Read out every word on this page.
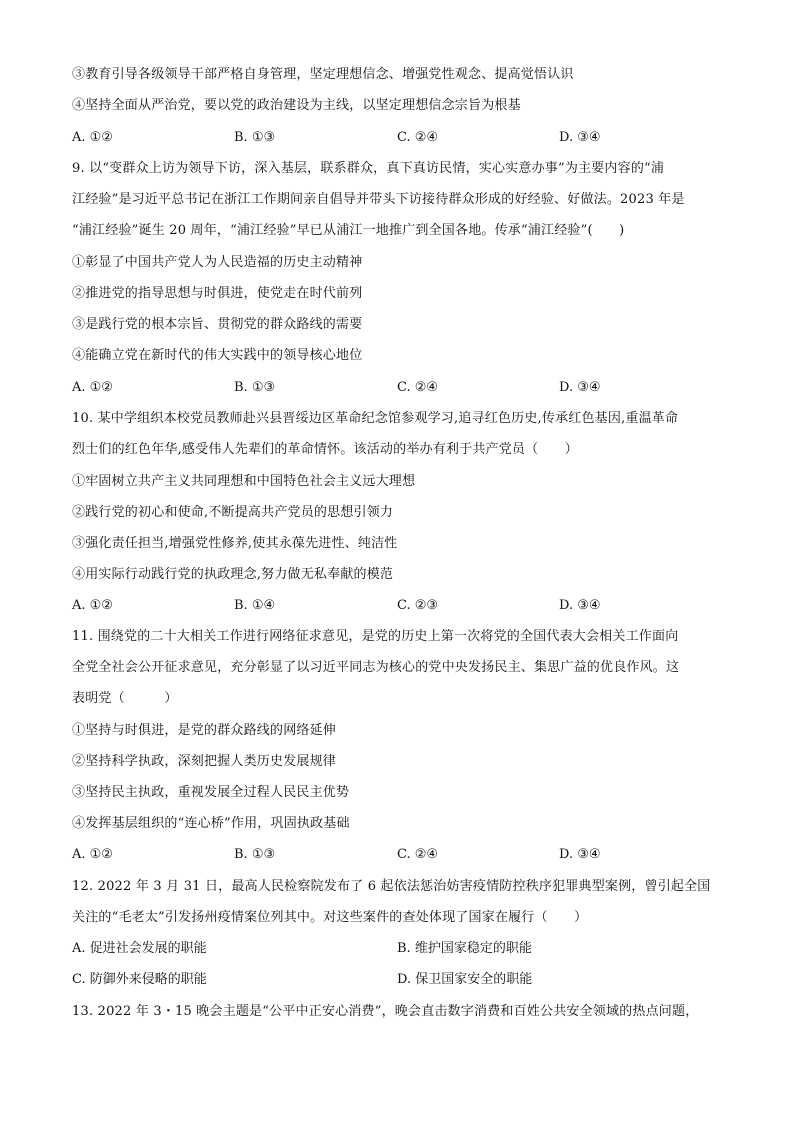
③教育引导各级领导干部严格自身管理，坚定理想信念、增强党性观念、提高觉悟认识
④坚持全面从严治党，要以党的政治建设为主线，以坚定理想信念宗旨为根基
A. ①②	B. ①③	C. ②④	D. ③④
9. 以“变群众上访为领导下访，深入基层，联系群众，真下真访民情，实心实意办事”为主要内容的“浦
江经验”是习近平总书记在浙江工作期间亲自倡导并带头下访接待群众形成的好经验、好做法。2023 年是
“浦江经验”诞生 20 周年，“浦江经验”早已从浦江一地推广到全国各地。传承“浦江经验”(　　)
①彰显了中国共产党人为人民造福的历史主动精神
②推进党的指导思想与时俱进，使党走在时代前列
③是践行党的根本宗旨、贯彻党的群众路线的需要
④能确立党在新时代的伟大实践中的领导核心地位
A. ①②	B. ①③	C. ②④	D. ③④
10. 某中学组织本校党员教师赴兴县晋绥边区革命纪念馆参观学习,追寻红色历史,传承红色基因,重温革命
烈士们的红色年华,感受伟人先辈们的革命情怀。该活动的举办有利于共产党员（　　）
①牢固树立共产主义共同理想和中国特色社会主义远大理想
②践行党的初心和使命,不断提高共产党员的思想引领力
③强化责任担当,增强党性修养,使其永葆先进性、纯洁性
④用实际行动践行党的执政理念,努力做无私奉献的模范
A. ①②	B. ①④	C. ②③	D. ③④
11. 围绕党的二十大相关工作进行网络征求意见，是党的历史上第一次将党的全国代表大会相关工作面向
全党全社会公开征求意见，充分彰显了以习近平同志为核心的党中央发扬民主、集思广益的优良作风。这
表明党（　　　）
①坚持与时俱进，是党的群众路线的网络延伸
②坚持科学执政，深刻把握人类历史发展规律
③坚持民主执政，重视发展全过程人民民主优势
④发挥基层组织的“连心桥”作用，巩固执政基础
A. ①②	B. ①③	C. ②④	D. ③④
12. 2022 年 3 月 31 日，最高人民检察院发布了 6 起依法惩治妨害疫情防控秩序犯罪典型案例，曾引起全国
关注的“毛老太”引发扬州疫情案位列其中。对这些案件的查处体现了国家在履行（　　）
A. 促进社会发展的职能	B. 维护国家稳定的职能
C. 防御外来侵略的职能	D. 保卫国家安全的职能
13. 2022 年 3・15 晚会主题是“公平中正安心消费”，晚会直击数字消费和百姓公共安全领域的热点问题，
